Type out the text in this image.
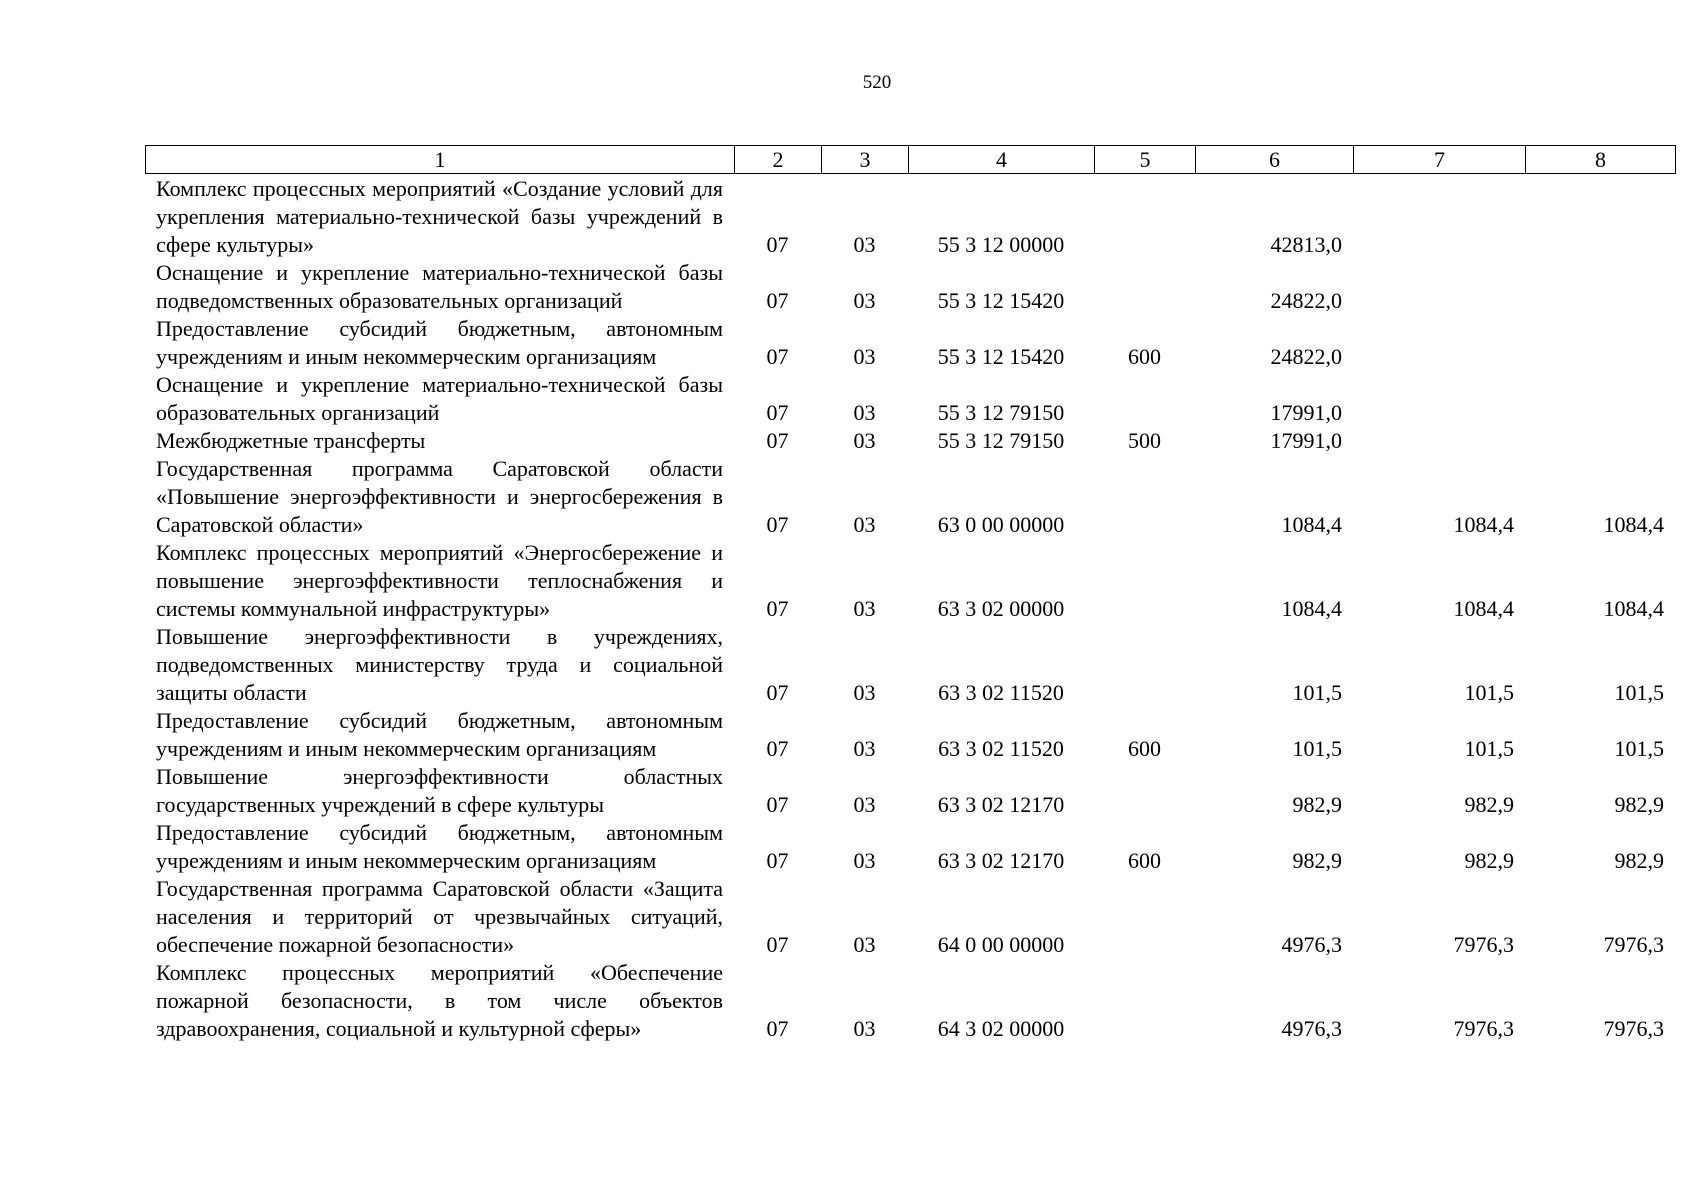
520
1	2	3	4	5	6	7	8
Комплекс процессных мероприятий «Создание условий для укрепления материально-технической базы учреждений в сфере культуры»	07	03	55 3 12 00000		42813,0		
Оснащение и укрепление материально-технической базы подведомственных образовательных организаций	07	03	55 3 12 15420		24822,0		
Предоставление субсидий бюджетным, автономным учреждениям и иным некоммерческим организациям	07	03	55 3 12 15420	600	24822,0		
Оснащение и укрепление материально-технической базы образовательных организаций	07	03	55 3 12 79150		17991,0		
Межбюджетные трансферты	07	03	55 3 12 79150	500	17991,0		
Государственная программа Саратовской области «Повышение энергоэффективности и энергосбережения в Саратовской области»	07	03	63 0 00 00000		1084,4	1084,4	1084,4
Комплекс процессных мероприятий «Энергосбережение и повышение энергоэффективности теплоснабжения и системы коммунальной инфраструктуры»	07	03	63 3 02 00000		1084,4	1084,4	1084,4
Повышение энергоэффективности в учреждениях, подведомственных министерству труда и социальной защиты области	07	03	63 3 02 11520		101,5	101,5	101,5
Предоставление субсидий бюджетным, автономным учреждениям и иным некоммерческим организациям	07	03	63 3 02 11520	600	101,5	101,5	101,5
Повышение энергоэффективности областных государственных учреждений в сфере культуры	07	03	63 3 02 12170		982,9	982,9	982,9
Предоставление субсидий бюджетным, автономным учреждениям и иным некоммерческим организациям	07	03	63 3 02 12170	600	982,9	982,9	982,9
Государственная программа Саратовской области «Защита населения и территорий от чрезвычайных ситуаций, обеспечение пожарной безопасности»	07	03	64 0 00 00000		4976,3	7976,3	7976,3
Комплекс процессных мероприятий «Обеспечение пожарной безопасности, в том числе объектов здравоохранения, социальной и культурной сферы»	07	03	64 3 02 00000		4976,3	7976,3	7976,3
